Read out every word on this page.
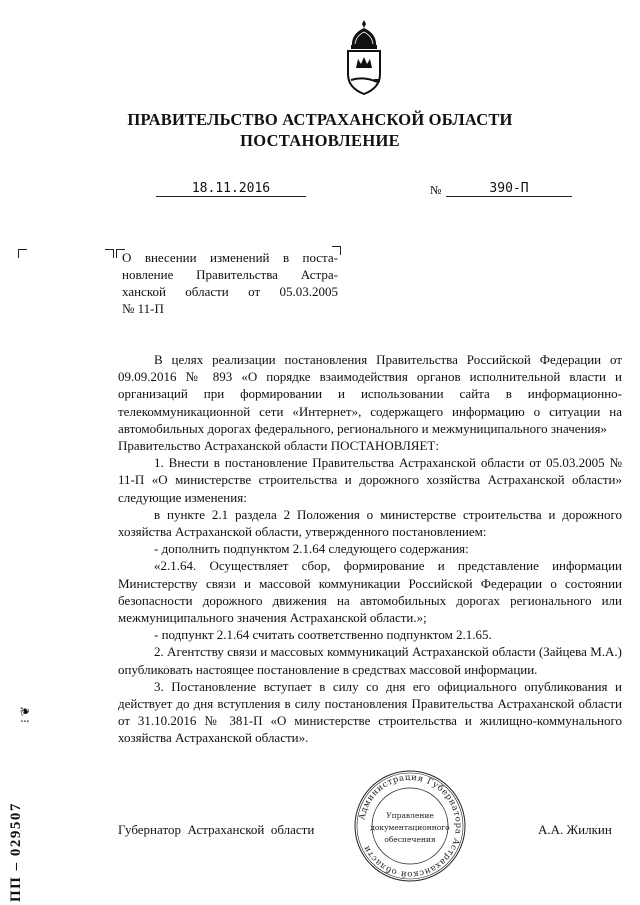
ПРАВИТЕЛЬСТВО АСТРАХАНСКОЙ ОБЛАСТИ
ПОСТАНОВЛЕНИЕ
18.11.2016	№	390-П
О внесении изменений в поста-
новление Правительства Астра-
ханской области от 05.03.2005
№ 11-П

В целях реализации постановления Правительства Российской Федерации от 09.09.2016 № 893 «О порядке взаимодействия органов исполнительной власти и организаций при формировании и использовании сайта в информационно-телекоммуникационной сети «Интернет», содержащего информацию о ситуации на автомобильных дорогах федерального, регионального и межмуниципального значения»

Правительство Астраханской области ПОСТАНОВЛЯЕТ:

1. Внести в постановление Правительства Астраханской области от 05.03.2005 № 11-П «О министерстве строительства и дорожного хозяйства Астраханской области» следующие изменения:

в пункте 2.1 раздела 2 Положения о министерстве строительства и дорожного хозяйства Астраханской области, утвержденного постановлением:

- дополнить подпунктом 2.1.64 следующего содержания:

«2.1.64. Осуществляет сбор, формирование и представление информации Министерству связи и массовой коммуникации Российской Федерации о состоянии безопасности дорожного движения на автомобильных дорогах регионального или межмуниципального значения Астраханской области.»;

- подпункт 2.1.64 считать соответственно подпунктом 2.1.65.

2. Агентству связи и массовых коммуникаций Астраханской области (Зайцева М.А.) опубликовать настоящее постановление в средствах массовой информации.

3. Постановление вступает в силу со дня его официального опубликования и действует до дня вступления в силу постановления Правительства Астраханской области от 31.10.2016 № 381-П «О министерстве строительства и жилищно-коммунального хозяйства Астраханской области».

Администрация Губернатора Астраханской области
Управление
документационного
обеспечения
Губернатор  Астраханской  области	А.А. Жилкин
ПП – 029507
⁝ ❦
